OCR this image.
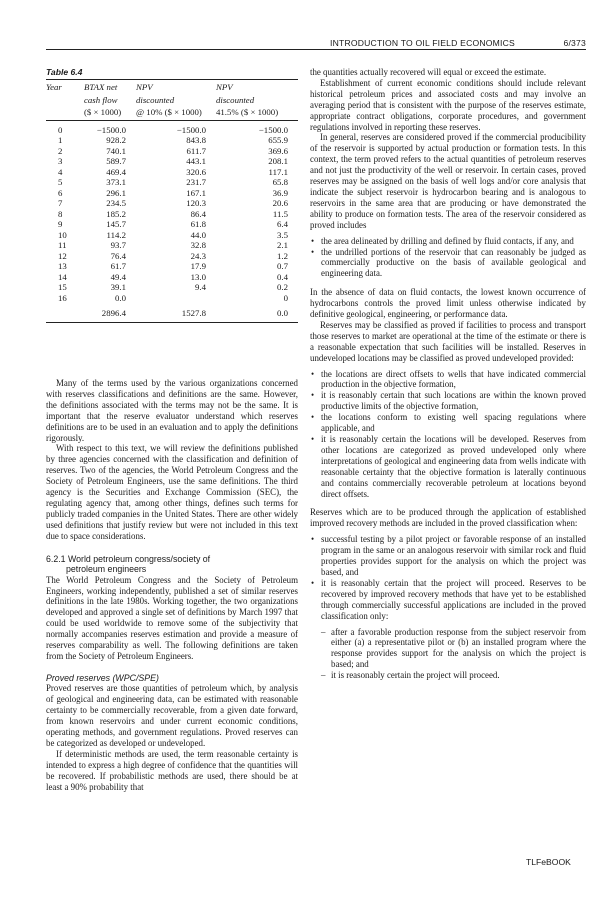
INTRODUCTION TO OIL FIELD ECONOMICS	6/373
Table 6.4
Year	BTAX net	NPV	NPV
	cash flow	discounted	discounted
	($ × 1000)	@ 10% ($ × 1000)	41.5% ($ × 1000)
0	−1500.0	−1500.0	−1500.0
1	928.2	843.8	655.9
2	740.1	611.7	369.6
3	589.7	443.1	208.1
4	469.4	320.6	117.1
5	373.1	231.7	65.8
6	296.1	167.1	36.9
7	234.5	120.3	20.6
8	185.2	86.4	11.5
9	145.7	61.8	6.4
10	114.2	44.0	3.5
11	93.7	32.8	2.1
12	76.4	24.3	1.2
13	61.7	17.9	0.7
14	49.4	13.0	0.4
15	39.1	9.4	0.2
16	0.0		0
	2896.4	1527.8	0.0

Many of the terms used by the various organizations concerned with reserves classifications and definitions are the same. However, the definitions associated with the terms may not be the same. It is important that the reserve evaluator understand which reserves definitions are to be used in an evaluation and to apply the definitions rigorously.

With respect to this text, we will review the definitions published by three agencies concerned with the classification and definition of reserves. Two of the agencies, the World Petroleum Congress and the Society of Petroleum Engineers, use the same definitions. The third agency is the Securities and Exchange Commission (SEC), the regulating agency that, among other things, defines such terms for publicly traded companies in the United States. There are other widely used definitions that justify review but were not included in this text due to space considerations.

6.2.1 World petroleum congress/society of

petroleum engineers

The World Petroleum Congress and the Society of Petroleum Engineers, working independently, published a set of similar reserves definitions in the late 1980s. Working together, the two organizations developed and approved a single set of definitions by March 1997 that could be used worldwide to remove some of the subjectivity that normally accompanies reserves estimation and provide a measure of reserves comparability as well. The following definitions are taken from the Society of Petroleum Engineers.

Proved reserves (WPC/SPE)

Proved reserves are those quantities of petroleum which, by analysis of geological and engineering data, can be estimated with reasonable certainty to be commercially recoverable, from a given date forward, from known reservoirs and under current economic conditions, operating methods, and government regulations. Proved reserves can be categorized as developed or undeveloped.

If deterministic methods are used, the term reasonable certainty is intended to express a high degree of confidence that the quantities will be recovered. If probabilistic methods are used, there should be at least a 90% probability that

the quantities actually recovered will equal or exceed the estimate.

Establishment of current economic conditions should include relevant historical petroleum prices and associated costs and may involve an averaging period that is consistent with the purpose of the reserves estimate, appropriate contract obligations, corporate procedures, and government regulations involved in reporting these reserves.

In general, reserves are considered proved if the commercial producibility of the reservoir is supported by actual production or formation tests. In this context, the term proved refers to the actual quantities of petroleum reserves and not just the productivity of the well or reservoir. In certain cases, proved reserves may be assigned on the basis of well logs and/or core analysis that indicate the subject reservoir is hydrocarbon bearing and is analogous to reservoirs in the same area that are producing or have demonstrated the ability to produce on formation tests. The area of the reservoir considered as proved includes

• the area delineated by drilling and defined by fluid contacts, if any, and
• the undrilled portions of the reservoir that can reasonably be judged as commercially productive on the basis of available geological and engineering data.

In the absence of data on fluid contacts, the lowest known occurrence of hydrocarbons controls the proved limit unless otherwise indicated by definitive geological, engineering, or performance data.

Reserves may be classified as proved if facilities to process and transport those reserves to market are operational at the time of the estimate or there is a reasonable expectation that such facilities will be installed. Reserves in undeveloped locations may be classified as proved undeveloped provided:

• the locations are direct offsets to wells that have indicated commercial production in the objective formation,
• it is reasonably certain that such locations are within the known proved productive limits of the objective formation,
• the locations conform to existing well spacing regulations where applicable, and
• it is reasonably certain the locations will be developed. Reserves from other locations are categorized as proved undeveloped only where interpretations of geological and engineering data from wells indicate with reasonable certainty that the objective formation is laterally continuous and contains commercially recoverable petroleum at locations beyond direct offsets.

Reserves which are to be produced through the application of established improved recovery methods are included in the proved classification when:

• successful testing by a pilot project or favorable response of an installed program in the same or an analogous reservoir with similar rock and fluid properties provides support for the analysis on which the project was based, and
• it is reasonably certain that the project will proceed. Reserves to be recovered by improved recovery methods that have yet to be established through commercially successful applications are included in the proved classification only:
– after a favorable production response from the subject reservoir from either (a) a representative pilot or (b) an installed program where the response provides support for the analysis on which the project is based; and
– it is reasonably certain the project will proceed.
TLFeBOOK
